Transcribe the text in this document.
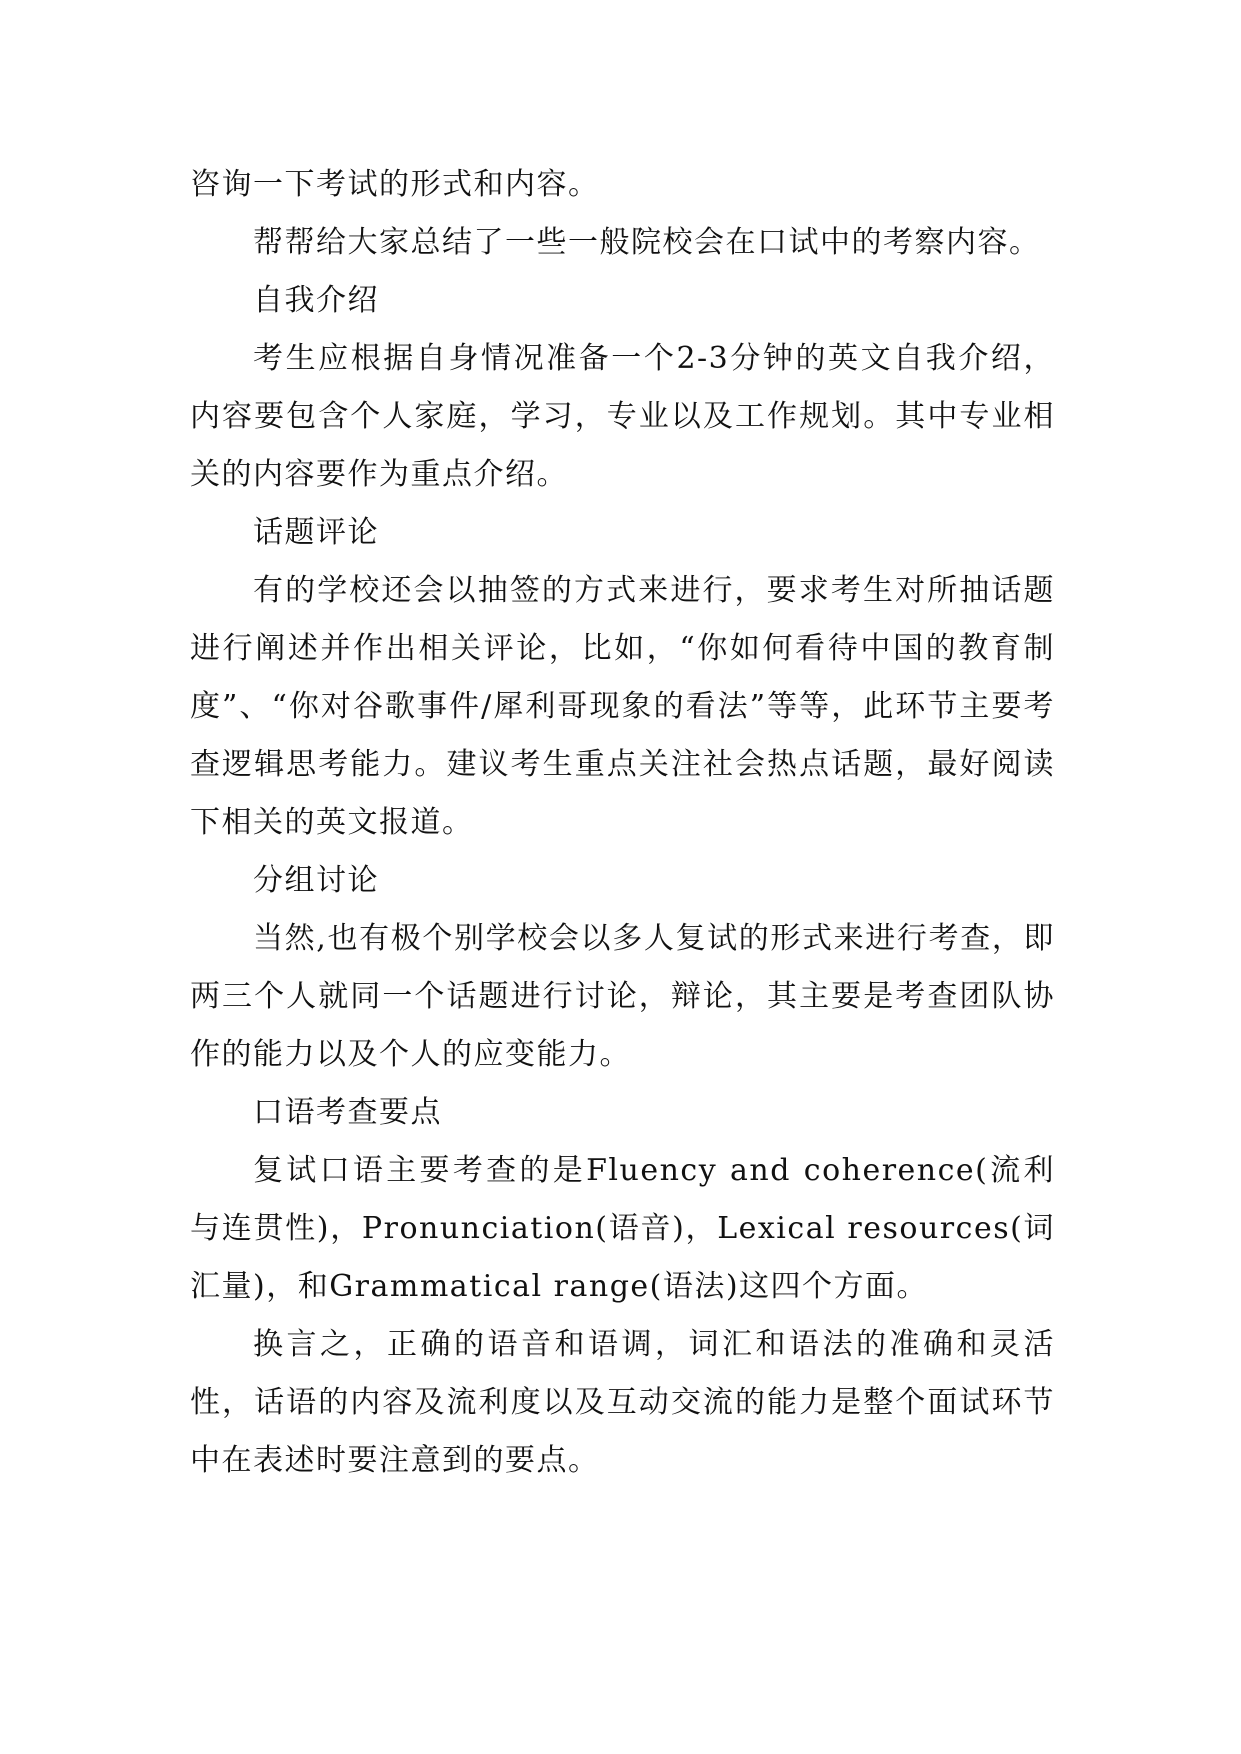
咨询一下考试的形式和内容。

帮帮给大家总结了一些一般院校会在口试中的考察内容。

自我介绍

考生应根据自身情况准备一个2-3分钟的英文自我介绍，内容要包含个人家庭，学习，专业以及工作规划。其中专业相关的内容要作为重点介绍。

话题评论

有的学校还会以抽签的方式来进行，要求考生对所抽话题进行阐述并作出相关评论，比如，“你如何看待中国的教育制度”、“你对谷歌事件/犀利哥现象的看法”等等，此环节主要考查逻辑思考能力。建议考生重点关注社会热点话题，最好阅读下相关的英文报道。

分组讨论

当然,也有极个别学校会以多人复试的形式来进行考查，即两三个人就同一个话题进行讨论，辩论，其主要是考查团队协作的能力以及个人的应变能力。

口语考查要点

复试口语主要考查的是Fluency and coherence(流利与连贯性)，Pronunciation(语音)，Lexical resources(词汇量)，和Grammatical range(语法)这四个方面。

换言之，正确的语音和语调，词汇和语法的准确和灵活性，话语的内容及流利度以及互动交流的能力是整个面试环节中在表述时要注意到的要点。
